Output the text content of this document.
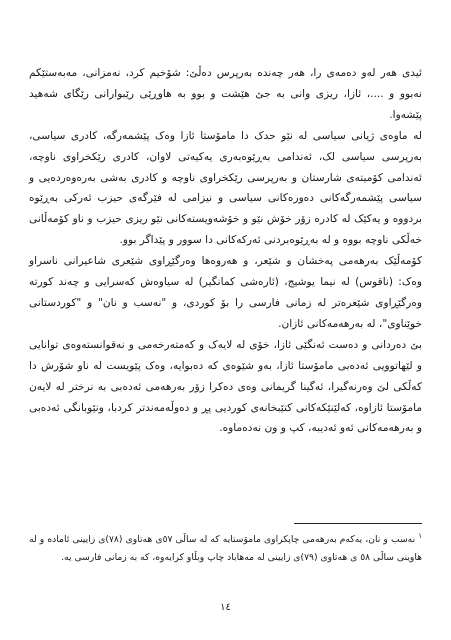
ئیدی هەر لەو دەمەی را، هەر چەندە بەرپرس دەڵێ: شۆخیم کرد، نەمزانی، مەبەستێکم نەبوو و ....، ئازا، ریزی وانی بە جێ هێشت و بوو بە هاوڕێی رێبوارانی رێگای شەهید پێشەوا.

لە ماوەی ژیانی سیاسی لە نێو حدک دا مامۆستا ئازا وەک پێشمەرگە، کادری سیاسی، بەرپرسی سیاسی لک، ئەندامی بەڕێوەبەری یەکیەتی لاوان، کادری رێکخراوی ناوچە، ئەندامی کۆمیتەی شارستان و بەرپرسی رێکخراوی ناوچە و کادری بەشی بەرەوەردەیی و سیاسی پێشمەرگەکانی دەورەکانی سیاسی و نیزامی لە فێرگەی حیزب ئەرکی بەڕێوە بردووە و یەکێک لە کادرە زۆر خۆش نێو و خۆشەویستەکانی نێو ریزی حیزب و ناو کۆمەڵانی خەڵکی ناوچە بووە و لە بەڕێوەبردنی ئەرکەکانی دا سوور و پێداگر بوو.

کۆمەڵێک بەرهەمی پەخشان و شێعر، و هەروەها وەرگێڕاوی شێعری شاعیرانی ناسراو وەک: (ناقوس) لە نیما یوشیج، (ئارەشی کمانگیر) لە سیاوەش کەسرایی و چەند کورتە وەرگێڕاوی شێعرەتر لە زمانی فارسی را بۆ کوردی، و "نەسب و نان" و "کوردستانی خوێناوی"، لە بەرهەمەکانی ئازان.

بێ دەردانی و دەست ئەنگێی ئازا، خۆی لە لایەک و کەمتەرخەمی و نەقوانستەوەی توانایی و لێهاتوویی ئەدەبی مامۆستا ئازا، بەو شێوەی کە دەبوایە، وەک پێویست لە ناو شۆرش دا کەڵکی لێ وەرنەگیرا، ئەگینا گریمانی وەی دەکرا زۆر بەرهەمی ئەدەبی بە نرختر لە لایەن مامۆستا ئازاوە، کەلێنێکەکانی کتێبخانەی کوردیی پڕ و دەوڵەمەندتر کردبا، ونێوبانگی ئەدەبی و بەرهەمەکانی ئەو ئەدیبە، کپ و ون نەدەماوە.

$^١$ نەسب و نان، یەکەم بەرهەمی چاپکراوی مامۆستایە کە لە ساڵی ٥٧ی هەتاوی (٧٨)ی زایینی ئامادە و لە هاوینی ساڵی ٥٨ ی هەتاوی (٧٩)ی زایینی لە مەهاباد چاپ وبڵاو کرایەوە، کە بە زمانی فارسی یە.

١٤
